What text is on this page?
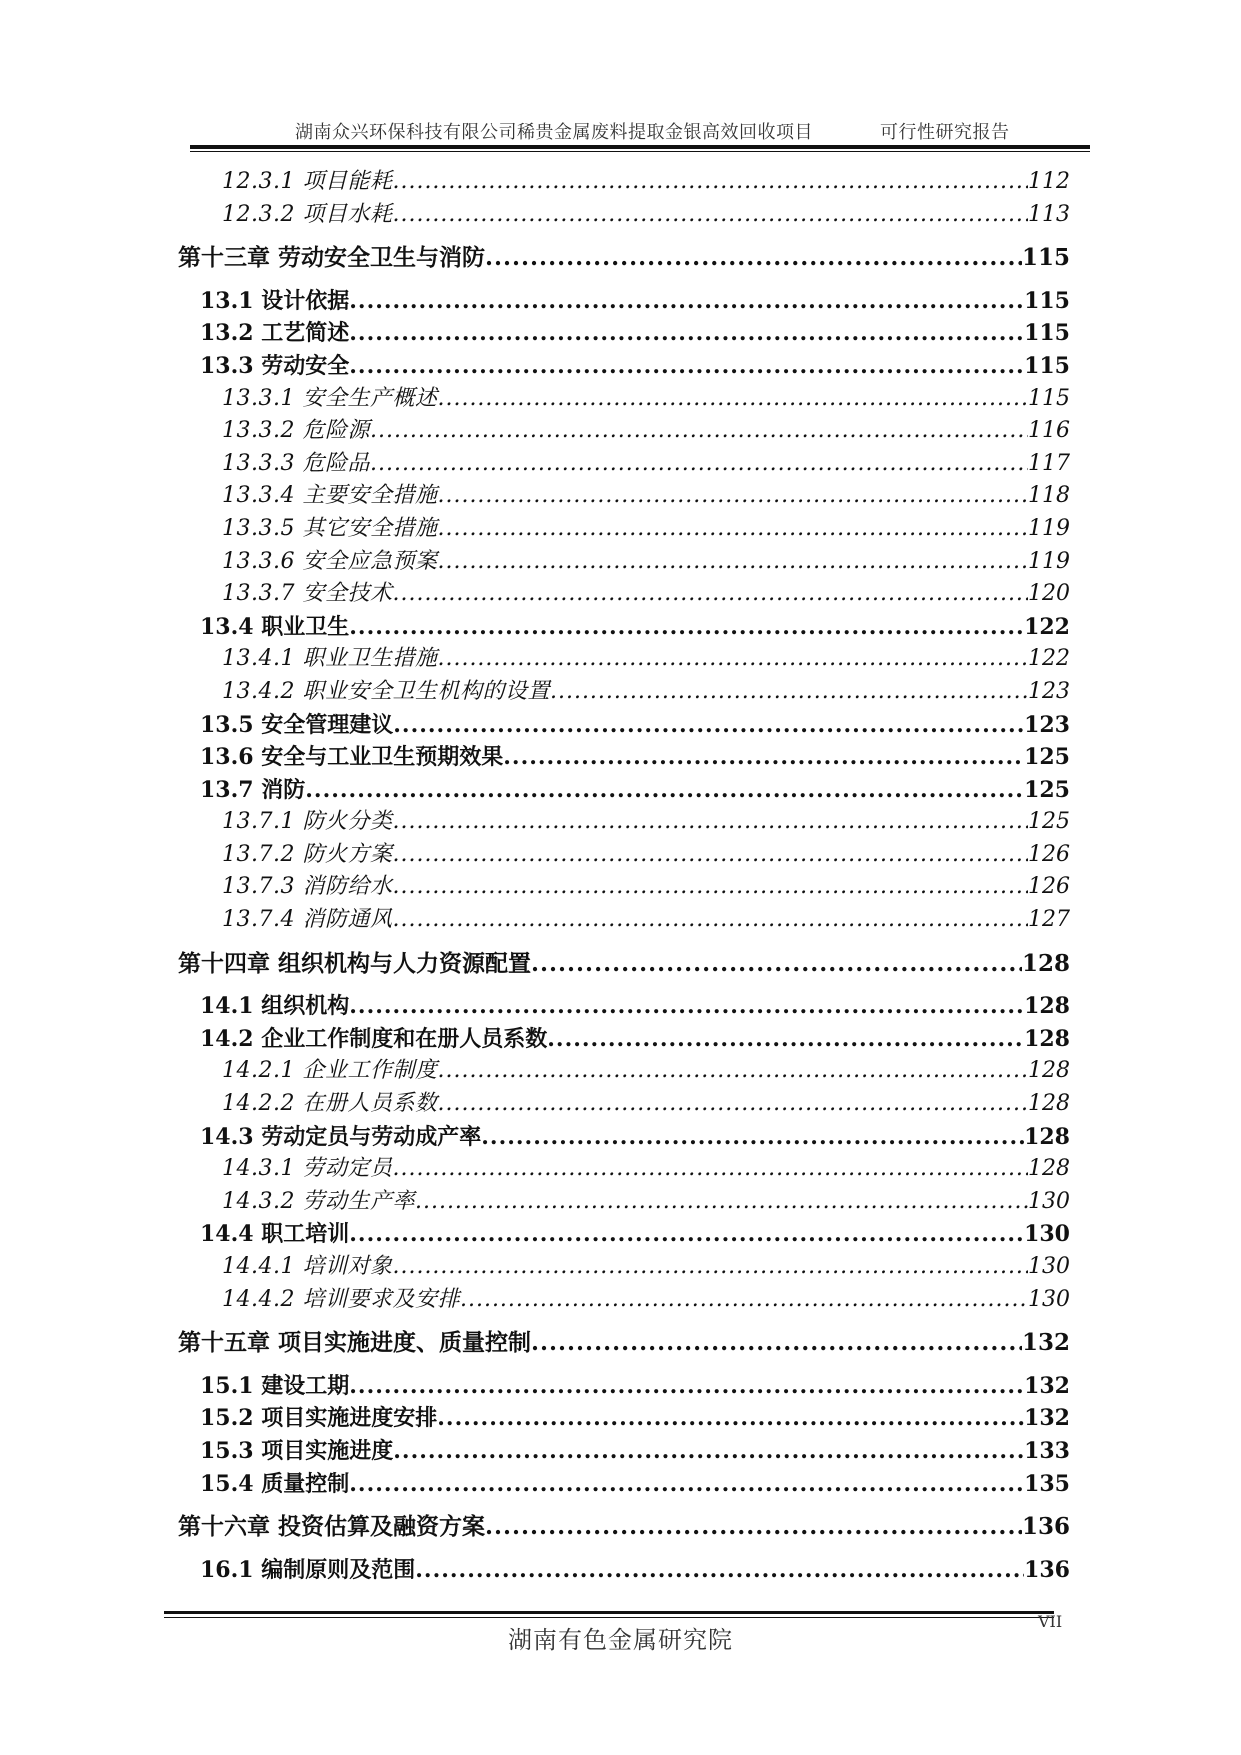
湖南众兴环保科技有限公司稀贵金属废料提取金银高效回收项目	可行性研究报告
12.3.1 项目能耗 .....	112
12.3.2 项目水耗 .....	113
第十三章 劳动安全卫生与消防 .....	115
13.1 设计依据 .....	115
13.2 工艺简述 .....	115
13.3 劳动安全 .....	115
13.3.1 安全生产概述 .....	115
13.3.2 危险源 .....	116
13.3.3 危险品 .....	117
13.3.4 主要安全措施 .....	118
13.3.5 其它安全措施 .....	119
13.3.6 安全应急预案 .....	119
13.3.7 安全技术 .....	120
13.4 职业卫生 .....	122
13.4.1 职业卫生措施 .....	122
13.4.2 职业安全卫生机构的设置 .....	123
13.5 安全管理建议 .....	123
13.6 安全与工业卫生预期效果 .....	125
13.7 消防 .....	125
13.7.1 防火分类 .....	125
13.7.2 防火方案 .....	126
13.7.3 消防给水 .....	126
13.7.4 消防通风 .....	127
第十四章 组织机构与人力资源配置 .....	128
14.1 组织机构 .....	128
14.2 企业工作制度和在册人员系数 .....	128
14.2.1 企业工作制度 .....	128
14.2.2 在册人员系数 .....	128
14.3 劳动定员与劳动成产率 .....	128
14.3.1 劳动定员 .....	128
14.3.2 劳动生产率 .....	130
14.4 职工培训 .....	130
14.4.1 培训对象 .....	130
14.4.2 培训要求及安排 .....	130
第十五章 项目实施进度、质量控制 .....	132
15.1 建设工期 .....	132
15.2 项目实施进度安排 .....	132
15.3 项目实施进度 .....	133
15.4 质量控制 .....	135
第十六章 投资估算及融资方案 .....	136
16.1 编制原则及范围 .....	136
VII
湖南有色金属研究院
